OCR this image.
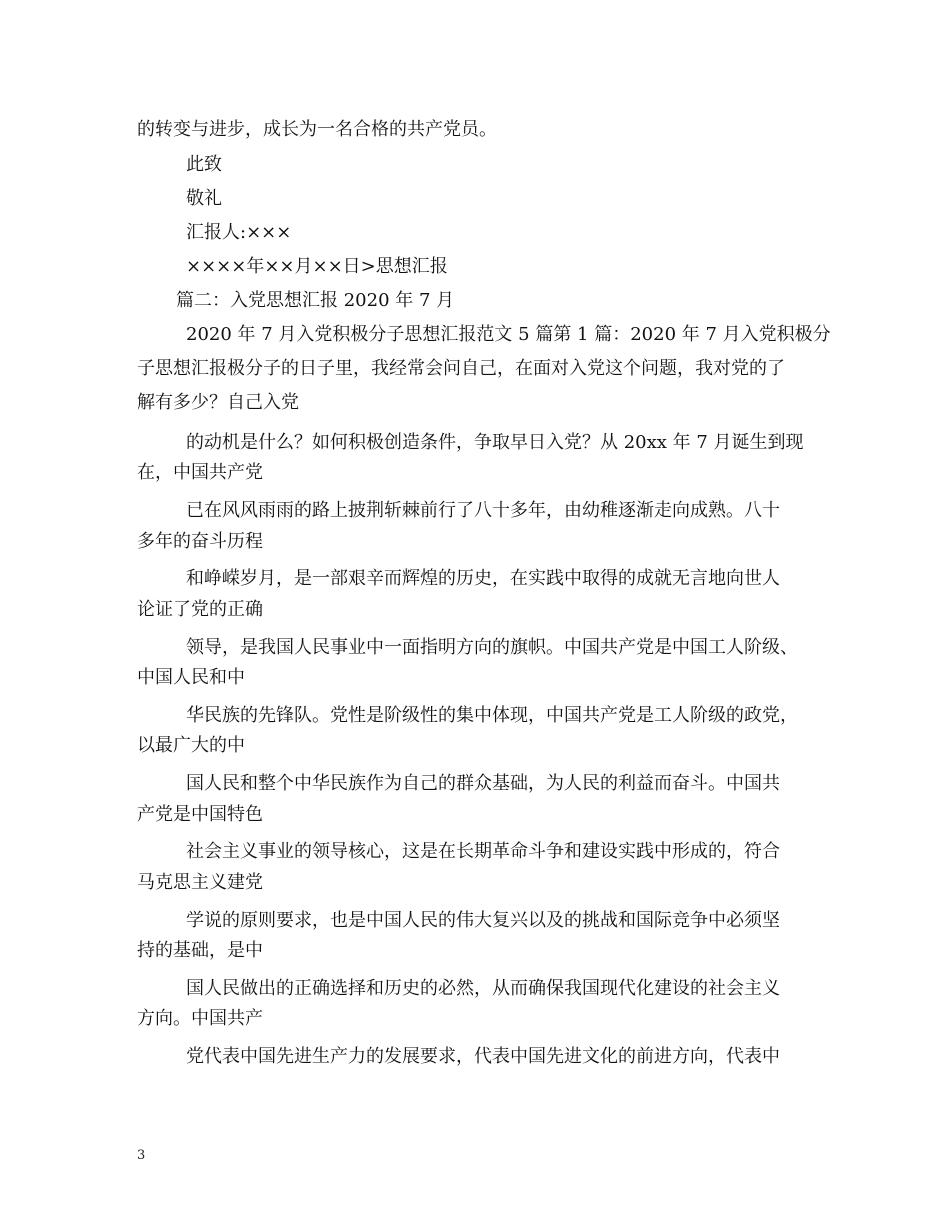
的转变与进步，成长为一名合格的共产党员。
此致
敬礼
汇报人:×××
××××年××月××日>思想汇报
篇二：入党思想汇报 2020 年 7 月
2020 年 7 月入党积极分子思想汇报范文 5 篇第 1 篇：2020 年 7 月入党积极分
子思想汇报极分子的日子里，我经常会问自己，在面对入党这个问题，我对党的了
解有多少？自己入党
的动机是什么？如何积极创造条件，争取早日入党？从 20xx 年 7 月诞生到现
在，中国共产党
已在风风雨雨的路上披荆斩棘前行了八十多年，由幼稚逐渐走向成熟。八十
多年的奋斗历程
和峥嵘岁月，是一部艰辛而辉煌的历史，在实践中取得的成就无言地向世人
论证了党的正确
领导，是我国人民事业中一面指明方向的旗帜。中国共产党是中国工人阶级、
中国人民和中
华民族的先锋队。党性是阶级性的集中体现，中国共产党是工人阶级的政党，
以最广大的中
国人民和整个中华民族作为自己的群众基础，为人民的利益而奋斗。中国共
产党是中国特色
社会主义事业的领导核心，这是在长期革命斗争和建设实践中形成的，符合
马克思主义建党
学说的原则要求，也是中国人民的伟大复兴以及的挑战和国际竞争中必须坚
持的基础，是中
国人民做出的正确选择和历史的必然，从而确保我国现代化建设的社会主义
方向。中国共产
党代表中国先进生产力的发展要求，代表中国先进文化的前进方向，代表中
3
